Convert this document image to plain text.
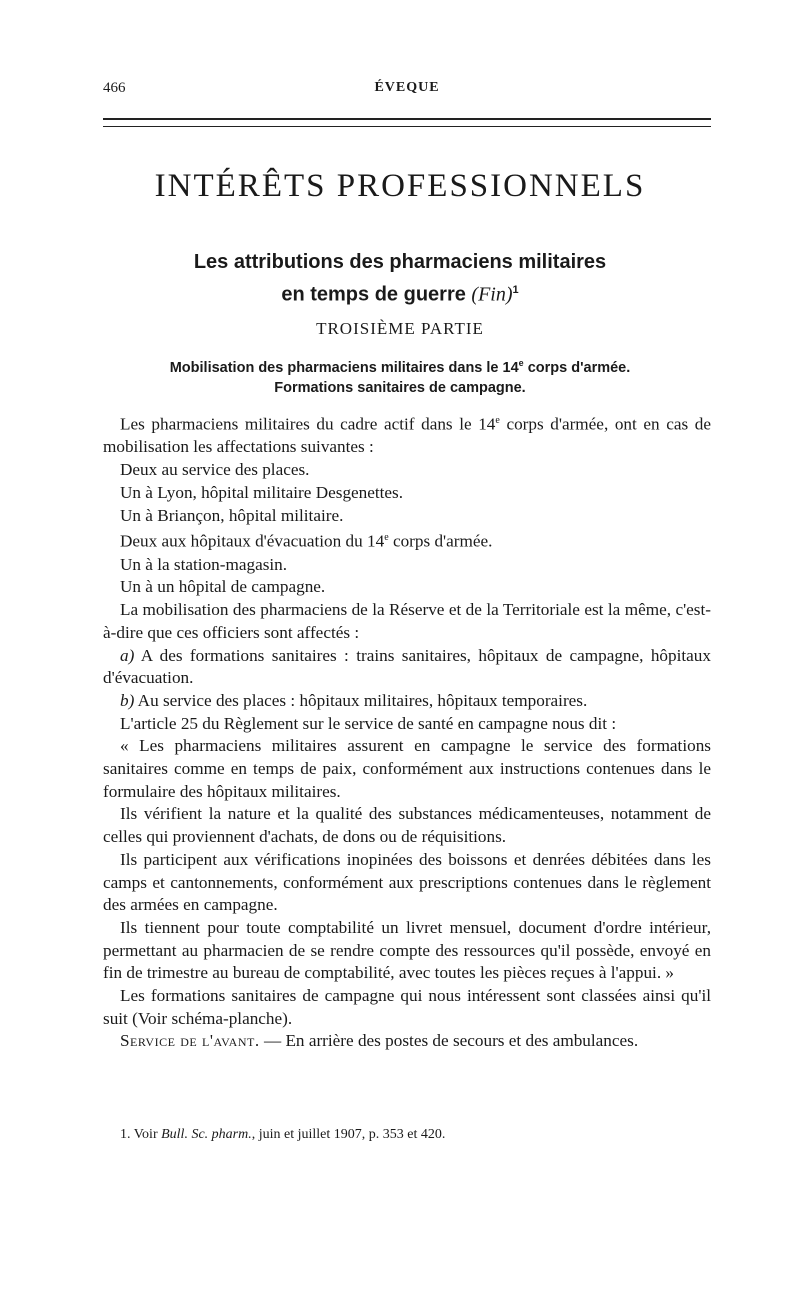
466	ÉVEQUE
INTÉRÊTS PROFESSIONNELS
Les attributions des pharmaciens militaires
en temps de guerre (Fin)$^1$
TROISIÈME PARTIE
Mobilisation des pharmaciens militaires dans le 14e corps d'armée.
Formations sanitaires de campagne.

Les pharmaciens militaires du cadre actif dans le 14e corps d'armée, ont en cas de mobilisation les affectations suivantes :

Deux au service des places.

Un à Lyon, hôpital militaire Desgenettes.

Un à Briançon, hôpital militaire.

Deux aux hôpitaux d'évacuation du 14e corps d'armée.

Un à la station-magasin.

Un à un hôpital de campagne.

La mobilisation des pharmaciens de la Réserve et de la Territoriale est la même, c'est-à-dire que ces officiers sont affectés :

a) A des formations sanitaires : trains sanitaires, hôpitaux de campagne, hôpitaux d'évacuation.

b) Au service des places : hôpitaux militaires, hôpitaux temporaires.

L'article 25 du Règlement sur le service de santé en campagne nous dit :

« Les pharmaciens militaires assurent en campagne le service des formations sanitaires comme en temps de paix, conformément aux instructions contenues dans le formulaire des hôpitaux militaires.

Ils vérifient la nature et la qualité des substances médicamenteuses, notamment de celles qui proviennent d'achats, de dons ou de réquisitions.

Ils participent aux vérifications inopinées des boissons et denrées débitées dans les camps et cantonnements, conformément aux prescriptions contenues dans le règlement des armées en campagne.

Ils tiennent pour toute comptabilité un livret mensuel, document d'ordre intérieur, permettant au pharmacien de se rendre compte des ressources qu'il possède, envoyé en fin de trimestre au bureau de comptabilité, avec toutes les pièces reçues à l'appui. »

Les formations sanitaires de campagne qui nous intéressent sont classées ainsi qu'il suit (Voir schéma-planche).

Service de l'avant. — En arrière des postes de secours et des ambulances.

1. Voir Bull. Sc. pharm., juin et juillet 1907, p. 353 et 420.
